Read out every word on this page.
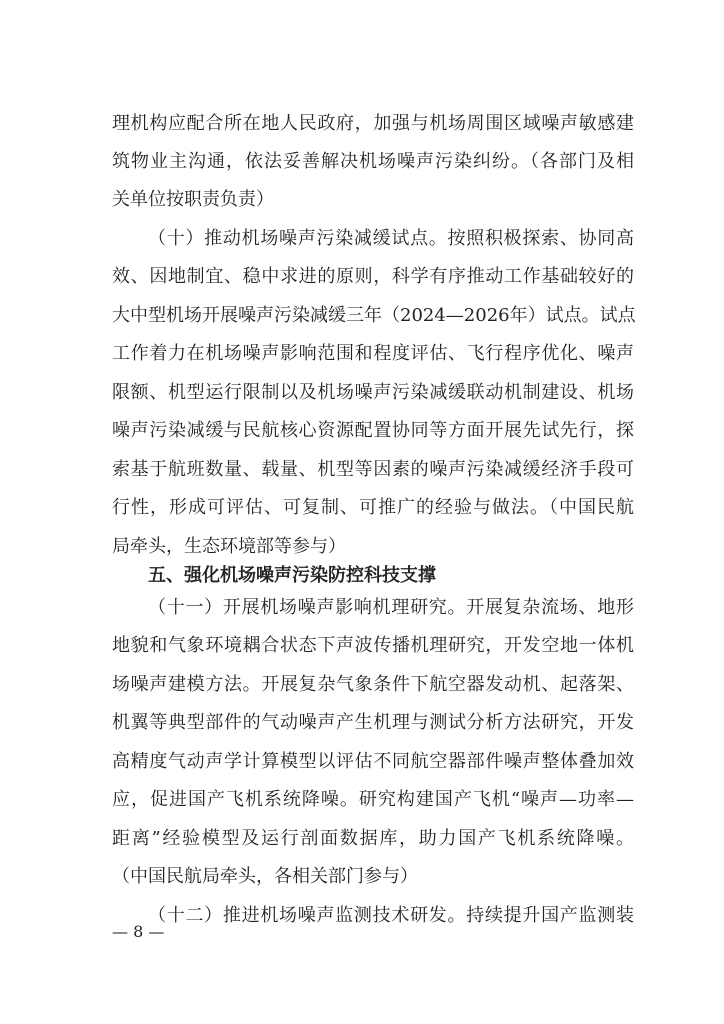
理机构应配合所在地人民政府，加强与机场周围区域噪声敏感建
筑物业主沟通，依法妥善解决机场噪声污染纠纷。（各部门及相
关单位按职责负责）
（十）推动机场噪声污染减缓试点。按照积极探索、协同高
效、因地制宜、稳中求进的原则，科学有序推动工作基础较好的
大中型机场开展噪声污染减缓三年（2024—2026年）试点。试点
工作着力在机场噪声影响范围和程度评估、飞行程序优化、噪声
限额、机型运行限制以及机场噪声污染减缓联动机制建设、机场
噪声污染减缓与民航核心资源配置协同等方面开展先试先行，探
索基于航班数量、载量、机型等因素的噪声污染减缓经济手段可
行性，形成可评估、可复制、可推广的经验与做法。（中国民航
局牵头，生态环境部等参与）
五、强化机场噪声污染防控科技支撑
（十一）开展机场噪声影响机理研究。开展复杂流场、地形
地貌和气象环境耦合状态下声波传播机理研究，开发空地一体机
场噪声建模方法。开展复杂气象条件下航空器发动机、起落架、
机翼等典型部件的气动噪声产生机理与测试分析方法研究，开发
高精度气动声学计算模型以评估不同航空器部件噪声整体叠加效
应，促进国产飞机系统降噪。研究构建国产飞机“噪声—功率—
距离”经验模型及运行剖面数据库，助力国产飞机系统降噪。
（中国民航局牵头，各相关部门参与）
（十二）推进机场噪声监测技术研发。持续提升国产监测装
— 8 —
